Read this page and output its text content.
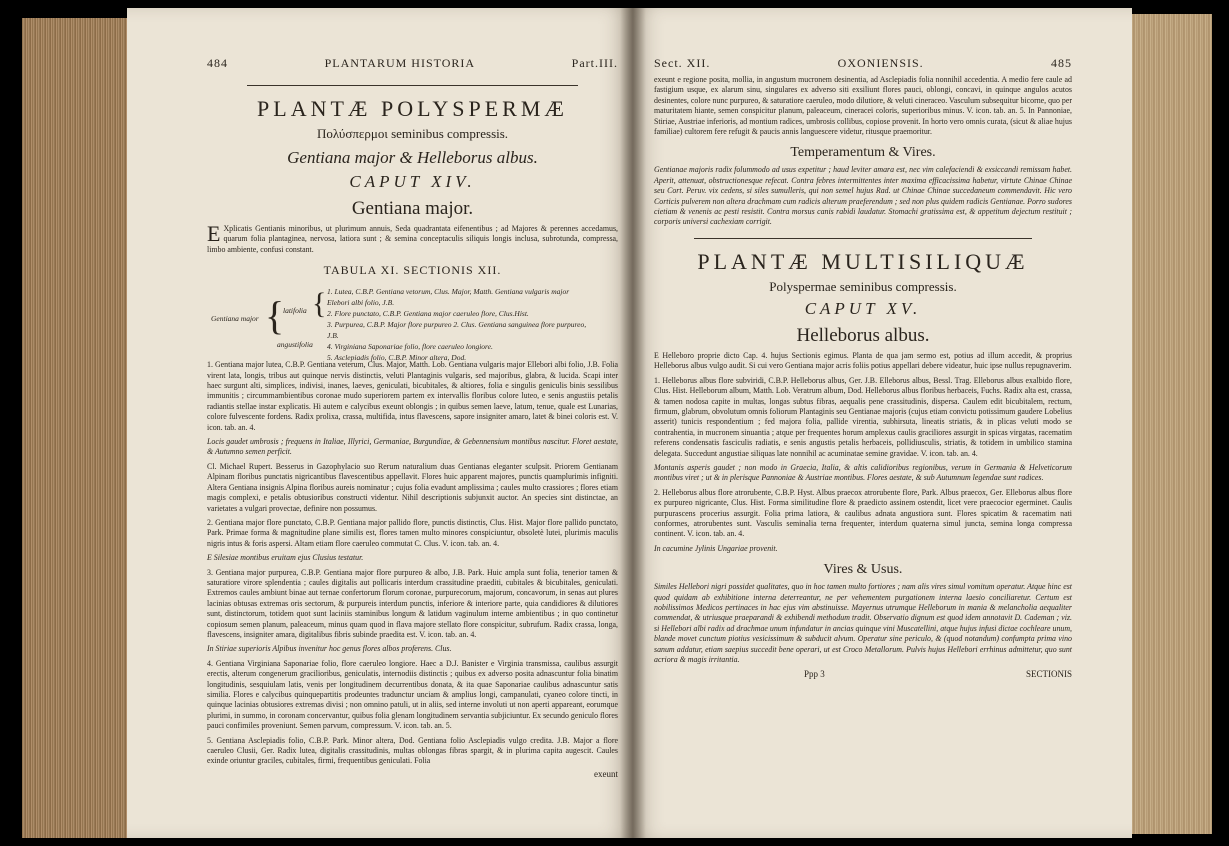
484	PLANTARUM HISTORIA	Part.III.
PLANTÆ POLYSPERMÆ
Πολύσπερμοι seminibus compressis.
Gentiana major & Helleborus albus.
CAPUT XIV.
Gentiana major.

E Xplicatis Gentianis minoribus, ut plurimum annuis, Seda quadrantata eifenentibus ; ad Majores & perennes accedamus, quarum folia plantaginea, nervosa, latiora sunt ; & semina conceptaculis siliquis longis inclusa, subrotunda, compressa, limbo ambiente, confusi constant.

TABULA XI. SECTIONIS XII.
Gentiana major {
latifolia {
angustifolia
1. Lutea, C.B.P. Gentiana vetorum, Clus. Major, Matth. Gentiana vulgaris major Elebori albi folio, J.B.
2. Flore punctato, C.B.P. Gentiana major caeruleo flore, Clus.Hist.
3. Purpurea, C.B.P. Major flore purpureo 2. Clus. Gentiana sanguinea flore purpureo, J.B.
4. Virginiana Saponariae folio, flore caeruleo longiore.
5. Asclepiadis folio, C.B.P. Minor altera, Dod.

1. Gentiana major lutea, C.B.P. Gentiana veterum, Clus. Major, Matth. Lob. Gentiana vulgaris major Ellebori albi folio, J.B. Folia virent lata, longis, tribus aut quinque nervis distinctis, veluti Plantaginis vulgaris, sed majoribus, glabra, & lucida. Scapi inter haec surgunt alti, simplices, indivisi, inanes, laeves, geniculati, bicubitales, & altiores, folia e singulis geniculis binis sessilibus immunitis ; circummambientibus coronae mudo superiorem partem ex intervallis floribus colore luteo, e senis angustiis petalis radiantis stellae instar explicatis. Hi autem e calycibus exeunt oblongis ; in quibus semen laeve, latum, tenue, quale est Lunarias, colore fulvescente fordens. Radix prolixa, crassa, multifida, intus flavescens, sapore insigniter amaro, latet & binei coloris est. V. icon. tab. an. 4.

Locis gaudet umbrosis ; frequens in Italiae, Illyrici, Germaniae, Burgundiae, & Gebennensium montibus nascitur. Floret aestate, & Autumno semen perficit.

Cl. Michael Rupert. Besserus in Gazophylacio suo Rerum naturalium duas Gentianas eleganter sculpsit. Priorem Gentianam Alpinam floribus punctatis nigricantibus flavescentibus appellavit. Flores huic apparent majores, punctis quamplurimis infigniti. Altera Gentiana insignis Alpina floribus aureis nominatur ; cujus folia evadunt amplissima ; caules multo crassiores ; flores etiam magis complexi, e petalis obtusioribus constructi videntur. Nihil descriptionis subjunxit auctor. An species sint distinctae, an varietates a vulgari provectae, definire non possumus.

2. Gentiana major flore punctato, C.B.P. Gentiana major pallido flore, punctis distinctis, Clus. Hist. Major flore pallido punctato, Park. Primae forma & magnitudine plane similis est, flores tamen multo minores conspiciuntur, obsoletè lutei, plurimis maculis nigris intus & foris aspersi. Altam etiam flore caeruleo commutat C. Clus. V. icon. tab. an. 4.

E Silesiae montibus eruitam ejus Clusius testatur.

3. Gentiana major purpurea, C.B.P. Gentiana major flore purpureo & albo, J.B. Park. Huic ampla sunt folia, tenerior tamen & saturatiore virore splendentia ; caules digitalis aut pollicaris interdum crassitudine praediti, cubitales & bicubitales, geniculati. Extremos caules ambiunt binae aut ternae confertorum florum coronae, purpurecorum, majorum, concavorum, in senas aut plures lacinias obtusas extremas oris sectorum, & purpureis interdum punctis, inferiore & interiore parte, quia candidiores & dilutiores sunt, distinctorum, totidem quot sunt laciniis staminibus longum & latidum vaginulum interne ambientibus ; in quo continetur copiosum semen planum, paleaceum, minus quam quod in flava majore stellato flore conspicitur, subrufum. Radix crassa, longa, flavescens, insigniter amara, digitalibus fibris subinde praedita est. V. icon. tab. an. 4.

In Stiriae superioris Alpibus invenitur hoc genus flores albos proferens. Clus.

4. Gentiana Virginiana Saponariae folio, flore caeruleo longiore. Haec a D.J. Banister e Virginia transmissa, caulibus assurgit erectis, alterum congenerum gracilioribus, geniculatis, internodiis distinctis ; quibus ex adverso posita adnascuntur folia binatim longitudinis, sesquiulam latis, venis per longitudinem decurrentibus donata, & ita quae Saponariae caulibus adnascuntur satis similia. Flores e calycibus quinquepartitis prodeuntes tradunctur unciam & amplius longi, campanulati, cyaneo colore tincti, in quinque lacinias obtusiores extremas divisi ; non omnino patuli, ut in aliis, sed interne involuti ut non aperti appareant, eorumque plurimi, in summo, in coronam concervantur, quibus folia glenam longitudinem servantia subjiciuntur. Ex secundo geniculo flores pauci confimiles proveniunt. Semen parvum, compressum. V. icon. tab. an. 5.

5. Gentiana Asclepiadis folio, C.B.P. Park. Minor altera, Dod. Gentiana folio Asclepiadis vulgo credita. J.B. Major a flore caeruleo Clusii, Ger. Radix lutea, digitalis crassitudinis, multas oblongas fibras spargit, & in plurima capita augescit. Caules exinde oriuntur graciles, cubitales, firmi, frequentibus geniculati. Folia

exeunt
Sect. XII.	OXONIENSIS.	485

exeunt e regione posita, mollia, in angustum mucronem desinentia, ad Asclepiadis folia nonnihil accedentia. A medio fere caule ad fastigium usque, ex alarum sinu, singulares ex adverso siti exsiliunt flores pauci, oblongi, concavi, in quinque angulos acutos desinentes, colore nunc purpureo, & saturatiore caeruleo, modo dilutiore, & veluti cineraceo. Vasculum subsequitur bicorne, quo per maturitatem hiante, semen conspicitur planum, paleaceum, cineracei coloris, superioribus minus. V. icon. tab. an. 5. In Pannoniae, Stiriae, Austriae inferioris, ad montium radices, umbrosis collibus, copiose provenit. In horto vero omnis curata, (sicut & aliae hujus familiae) cultorem fere refugit & paucis annis languescere videtur, ritusque praemoritur.

Temperamentum & Vires.

Gentianae majoris radix folummodo ad usus expetitur ; haud leviter amara est, nec vim calefaciendi & exsiccandi remissam habet. Aperit, attenuat, obstructionesque refecat. Contra febres intermittentes inter maxima efficacissima habetur, virtute Chinae Chinae seu Cort. Peruv. vix cedens, si siles sumulleris, qui non semel hujus Rad. ut Chinae Chinae succedaneum commendavit. Hic vero Corticis pulverem non altera drachmam cum radicis alterum praeferendum ; sed non plus quidem radicis Gentianae. Porro sudores cietiam & venenis ac pesti resistit. Contra morsus canis rabidi laudatur. Stomachi gratissima est, & appetitum dejectum restituit ; corporis universi cachexiam corrigit.

PLANTÆ MULTISILIQUÆ
Polyspermae seminibus compressis.
CAPUT XV.
Helleborus albus.

E Helleboro proprie dicto Cap. 4. hujus Sectionis egimus. Planta de qua jam sermo est, potius ad illum accedit, & proprius Helleborus albus vulgo audit. Si cui vero Gentiana major acris foliis potius appellari debere videatur, huic ipse nullus repugnaverim.

1. Helleborus albus flore subviridi, C.B.P. Helleborus albus, Ger. J.B. Elleborus albus, Bessl. Trag. Elleborus albus exalbido flore, Clus. Hist. Helleborum album, Matth. Lob. Veratrum album, Dod. Helleborus albus floribus herbaceis, Fuchs. Radix alta est, crassa, & tamen nodosa capite in multas, longas subtus fibras, aequalis pene crassitudinis, dispersa. Caulem edit bicubitalem, rectum, firmum, glabrum, obvolutum omnis foliorum Plantaginis seu Gentianae majoris (cujus etiam convictu potissimum gaudere Lobelius asserit) tunicis respondentium ; fed majora folia, pallide virentia, subhirsuta, lineatis striatis, & in plicas veluti modo se contrahentia, in mucronem sinuantia ; atque per frequentes horum amplexus caulis graciliores assurgit in spicas virgatas, racematim referens condensatis fasciculis radiatis, e senis angustis petalis herbaceis, pollidiusculis, striatis, & totidem in umbilico stamina delegata. Succedunt angustiae siliquas late nonnihil ac acuminatae semine gravidae. V. icon. tab. an. 4.

Montanis asperis gaudet ; non modo in Graecia, Italia, & altis calidioribus regionibus, verum in Germania & Helveticorum montibus viret ; ut & in plerisque Pannoniae & Austriae montibus. Flores aestate, & sub Autumnum legendae sunt radices.

2. Helleborus albus flore atrorubente, C.B.P. Hyst. Albus praecox atrorubente flore, Park. Albus praecox, Ger. Elleborus albus flore ex purpureo nigricante, Clus. Hist. Forma similitudine flore & praedicto assinem ostendit, licet vere praecocior egerminet. Caulis purpurascens procerius assurgit. Folia prima latiora, & caulibus adnata angustiora sunt. Flores spicatim & racematim nati conformes, atrorubentes sunt. Vasculis seminalia terna frequenter, interdum quaterna simul juncta, semina longa compressa continent. V. icon. tab. an. 4.

In cacumine Jylinis Ungariae provenit.

Vires & Usus.

Similes Hellebori nigri possidet qualitates, quo in hoc tamen multo fortiores ; nam alis vires simul vomitum operatur. Atque hinc est quod quidam ab exhibitione interna deterreantur, ne per vehementem purgationem interna laesio conciliaretur. Certum est nobilissimos Medicos pertinaces in hac ejus vim abstinuisse. Mayernus utrumque Helleborum in mania & melancholia aequaliter commendat, & utriusque praeparandi & exhibendi methodum tradit. Observatio dignum est quod idem annotavit D. Cademan ; viz. si Hellebori albi radix ad drachmae unum infundatur in ancias quinque vini Muscatellini, atque hujus infusi dictae cochleare unum, blande movet cunctum piotius vesicissimum & subducit alvum. Operatur sine periculo, & (quod notandum) confumpta prima vino sanum addatur, etiam saepius succedit bene operari, ut est Croco Metallorum. Pulvis hujus Hellebori errhinus admittetur, quo sunt acriora & magis irritantia.

Ppp 3	SECTIONIS
